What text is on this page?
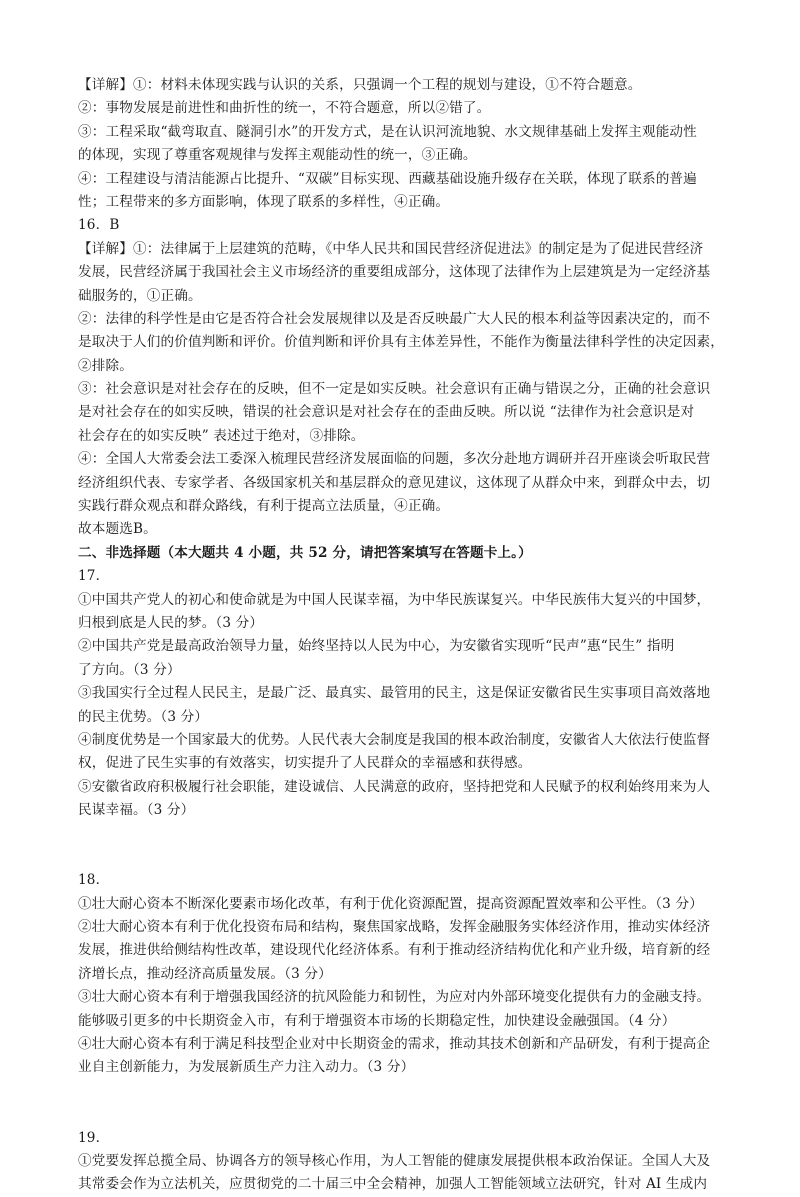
【详解】①：材料未体现实践与认识的关系，只强调一个工程的规划与建设，①不符合题意。
②：事物发展是前进性和曲折性的统一，不符合题意，所以②错了。
③：工程采取“截弯取直、隧洞引水”的开发方式，是在认识河流地貌、水文规律基础上发挥主观能动性
的体现，实现了尊重客观规律与发挥主观能动性的统一，③正确。
④：工程建设与清洁能源占比提升、“双碳”目标实现、西藏基础设施升级存在关联，体现了联系的普遍
性；工程带来的多方面影响，体现了联系的多样性，④正确。
16．B
【详解】①：法律属于上层建筑的范畴，《中华人民共和国民营经济促进法》的制定是为了促进民营经济
发展，民营经济属于我国社会主义市场经济的重要组成部分，这体现了法律作为上层建筑是为一定经济基
础服务的，①正确。
②：法律的科学性是由它是否符合社会发展规律以及是否反映最广大人民的根本利益等因素决定的，而不
是取决于人们的价值判断和评价。价值判断和评价具有主体差异性，不能作为衡量法律科学性的决定因素，
②排除。
③：社会意识是对社会存在的反映，但不一定是如实反映。社会意识有正确与错误之分，正确的社会意识
是对社会存在的如实反映，错误的社会意识是对社会存在的歪曲反映。所以说 “法律作为社会意识是对
社会存在的如实反映” 表述过于绝对，③排除。
④：全国人大常委会法工委深入梳理民营经济发展面临的问题，多次分赴地方调研并召开座谈会听取民营
经济组织代表、专家学者、各级国家机关和基层群众的意见建议，这体现了从群众中来，到群众中去，切
实践行群众观点和群众路线，有利于提高立法质量，④正确。
故本题选B。
二、非选择题（本大题共 4 小题，共 52 分，请把答案填写在答题卡上。）
17．
①中国共产党人的初心和使命就是为中国人民谋幸福，为中华民族谋复兴。中华民族伟大复兴的中国梦，
归根到底是人民的梦。（3 分）
②中国共产党是最高政治领导力量，始终坚持以人民为中心，为安徽省实现听“民声”惠“民生” 指明
了方向。（3 分）
③我国实行全过程人民民主，是最广泛、最真实、最管用的民主，这是保证安徽省民生实事项目高效落地
的民主优势。（3 分）
④制度优势是一个国家最大的优势。人民代表大会制度是我国的根本政治制度，安徽省人大依法行使监督
权，促进了民生实事的有效落实，切实提升了人民群众的幸福感和获得感。
⑤安徽省政府积极履行社会职能，建设诚信、人民满意的政府，坚持把党和人民赋予的权利始终用来为人
民谋幸福。（3 分）
18．
①壮大耐心资本不断深化要素市场化改革，有利于优化资源配置，提高资源配置效率和公平性。（3 分）
②壮大耐心资本有利于优化投资布局和结构，聚焦国家战略，发挥金融服务实体经济作用，推动实体经济
发展，推进供给侧结构性改革，建设现代化经济体系。有利于推动经济结构优化和产业升级，培育新的经
济增长点，推动经济高质量发展。（3 分）
③壮大耐心资本有利于增强我国经济的抗风险能力和韧性，为应对内外部环境变化提供有力的金融支持。
能够吸引更多的中长期资金入市，有利于增强资本市场的长期稳定性，加快建设金融强国。（4 分）
④壮大耐心资本有利于满足科技型企业对中长期资金的需求，推动其技术创新和产品研发，有利于提高企
业自主创新能力，为发展新质生产力注入动力。（3 分）
19．
①党要发挥总揽全局、协调各方的领导核心作用，为人工智能的健康发展提供根本政治保证。全国人大及
其常委会作为立法机关，应贯彻党的二十届三中全会精神，加强人工智能领域立法研究，针对 AI 生成内
